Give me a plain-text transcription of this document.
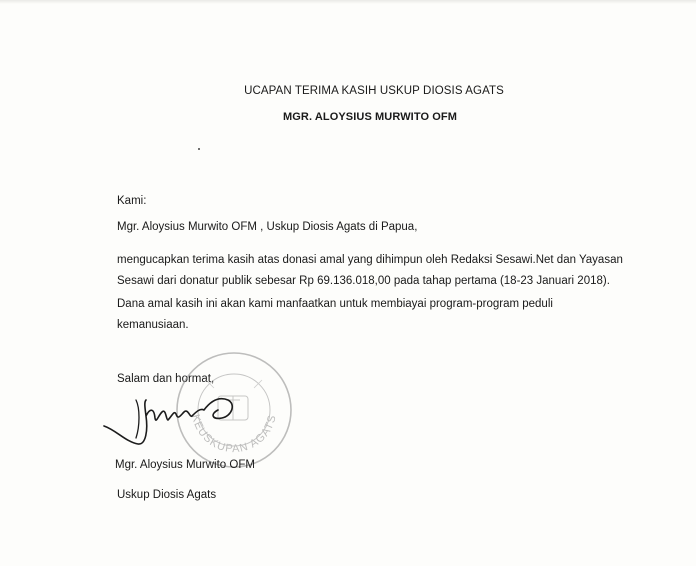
UCAPAN TERIMA KASIH USKUP DIOSIS AGATS
MGR. ALOYSIUS MURWITO OFM
Kami:
Mgr. Aloysius Murwito OFM , Uskup Diosis Agats di Papua,
mengucapkan terima kasih atas donasi amal yang dihimpun oleh Redaksi Sesawi.Net dan Yayasan
Sesawi dari donatur publik sebesar Rp 69.136.018,00 pada tahap pertama (18-23 Januari 2018).
Dana amal kasih ini akan kami manfaatkan untuk membiayai program-program peduli
kemanusiaan.
Salam dan hormat,
KEUSKUPAN AGATS
Mgr. Aloysius Murwito OFM
Uskup Diosis Agats
